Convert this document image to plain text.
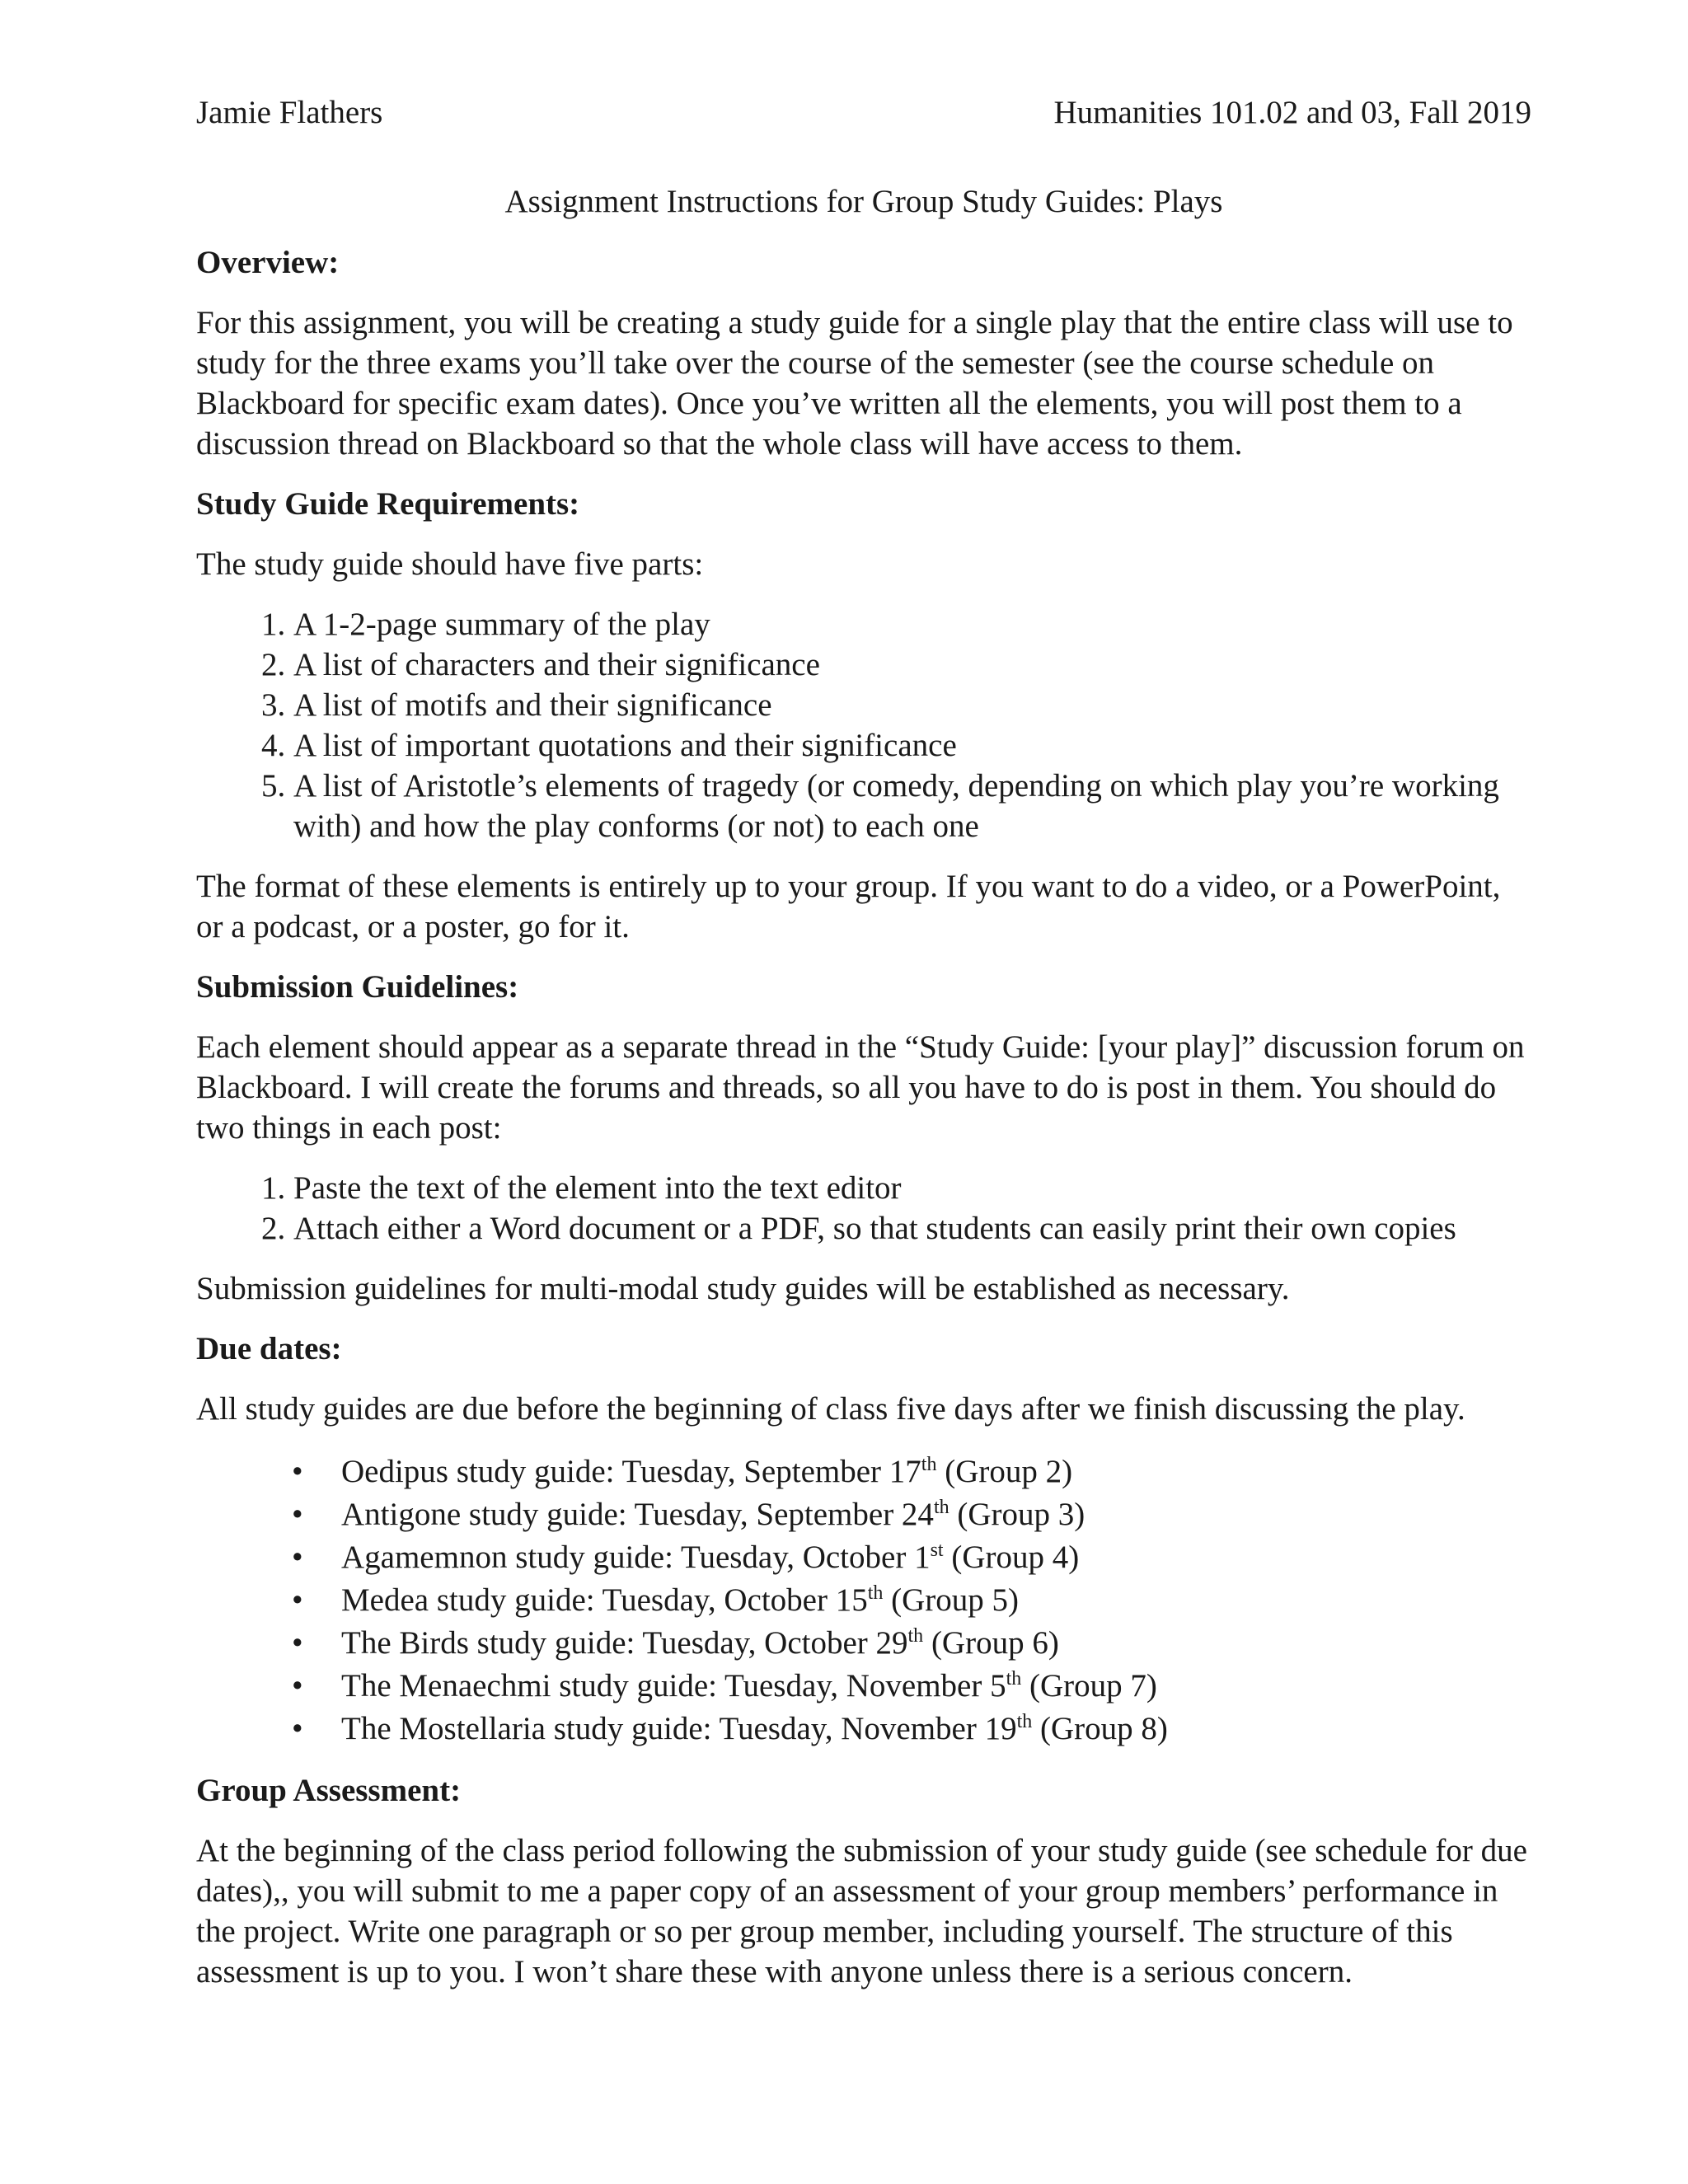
Jamie Flathers	Humanities 101.02 and 03, Fall 2019
Assignment Instructions for Group Study Guides: Plays
Overview:

For this assignment, you will be creating a study guide for a single play that the entire class will use to study for the three exams you’ll take over the course of the semester (see the course schedule on Blackboard for specific exam dates). Once you’ve written all the elements, you will post them to a discussion thread on Blackboard so that the whole class will have access to them.

Study Guide Requirements:

The study guide should have five parts:

1. A 1-2-page summary of the play
2. A list of characters and their significance
3. A list of motifs and their significance
4. A list of important quotations and their significance
5. A list of Aristotle’s elements of tragedy (or comedy, depending on which play you’re working with) and how the play conforms (or not) to each one

The format of these elements is entirely up to your group. If you want to do a video, or a PowerPoint, or a podcast, or a poster, go for it.

Submission Guidelines:

Each element should appear as a separate thread in the “Study Guide: [your play]” discussion forum on Blackboard. I will create the forums and threads, so all you have to do is post in them. You should do two things in each post:

1. Paste the text of the element into the text editor
2. Attach either a Word document or a PDF, so that students can easily print their own copies

Submission guidelines for multi-modal study guides will be established as necessary.

Due dates:

All study guides are due before the beginning of class five days after we finish discussing the play.

• Oedipus study guide: Tuesday, September 17th (Group 2)
• Antigone study guide: Tuesday, September 24th (Group 3)
• Agamemnon study guide: Tuesday, October 1st (Group 4)
• Medea study guide: Tuesday, October 15th (Group 5)
• The Birds study guide: Tuesday, October 29th (Group 6)
• The Menaechmi study guide: Tuesday, November 5th (Group 7)
• The Mostellaria study guide: Tuesday, November 19th (Group 8)
Group Assessment:

At the beginning of the class period following the submission of your study guide (see schedule for due dates),, you will submit to me a paper copy of an assessment of your group members’ performance in the project. Write one paragraph or so per group member, including yourself. The structure of this assessment is up to you. I won’t share these with anyone unless there is a serious concern.
